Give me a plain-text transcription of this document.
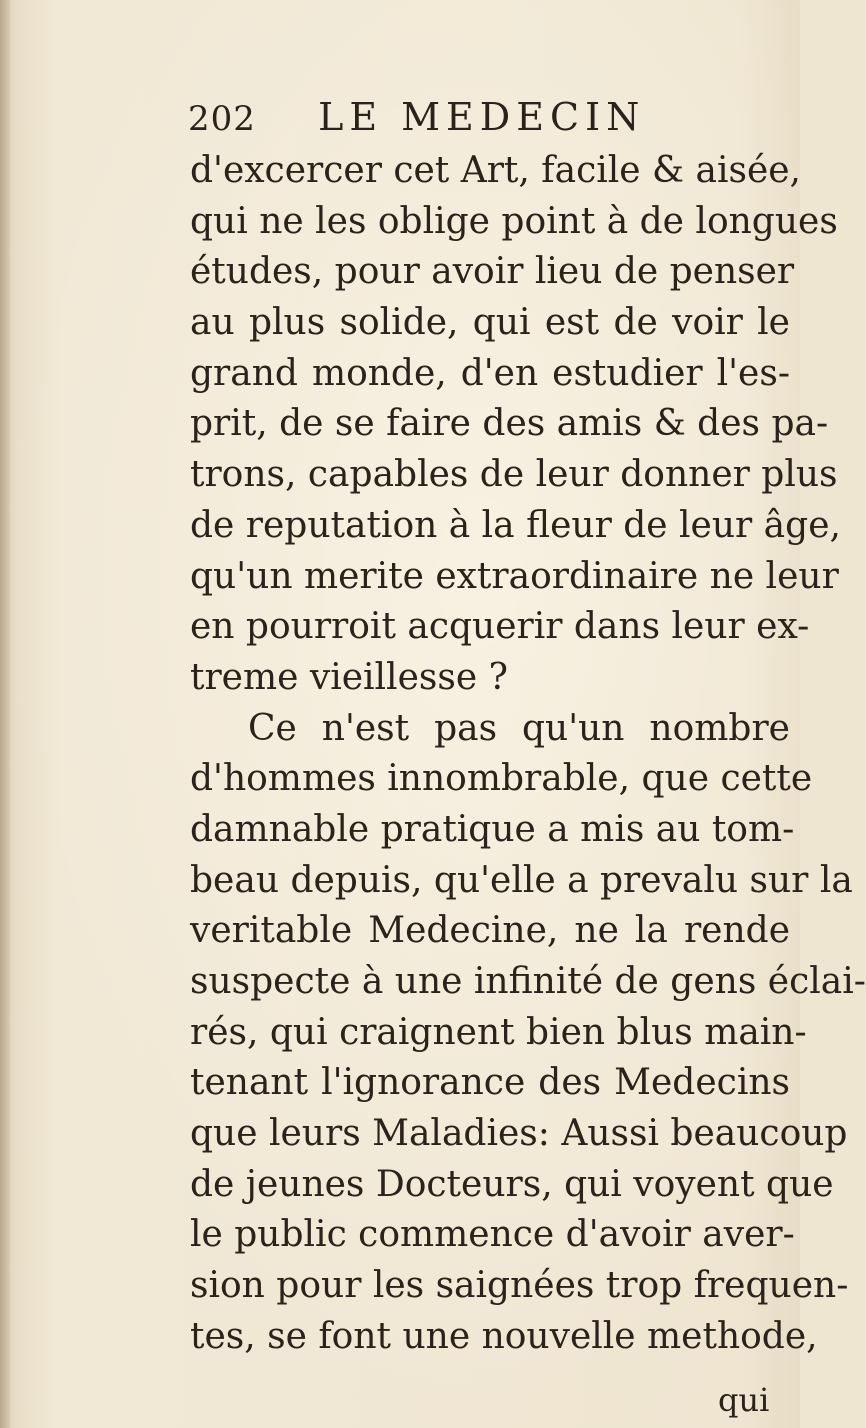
202 LE MEDECIN
d'excercer cet Art, facile & aisée,
qui ne les oblige point à de longues
études, pour avoir lieu de penser
au plus solide, qui est de voir le
grand monde, d'en estudier l'es-
prit, de se faire des amis & des pa-
trons, capables de leur donner plus
de reputation à la fleur de leur âge,
qu'un merite extraordinaire ne leur
en pourroit acquerir dans leur ex-
treme vieillesse ?
Ce n'est pas qu'un nombre
d'hommes innombrable, que cette
damnable pratique a mis au tom-
beau depuis, qu'elle a prevalu sur la
veritable Medecine, ne la rende
suspecte à une infinité de gens éclai-
rés, qui craignent bien blus main-
tenant l'ignorance des Medecins
que leurs Maladies: Aussi beaucoup
de jeunes Docteurs, qui voyent que
le public commence d'avoir aver-
sion pour les saignées trop frequen-
tes, se font une nouvelle methode,
qui
